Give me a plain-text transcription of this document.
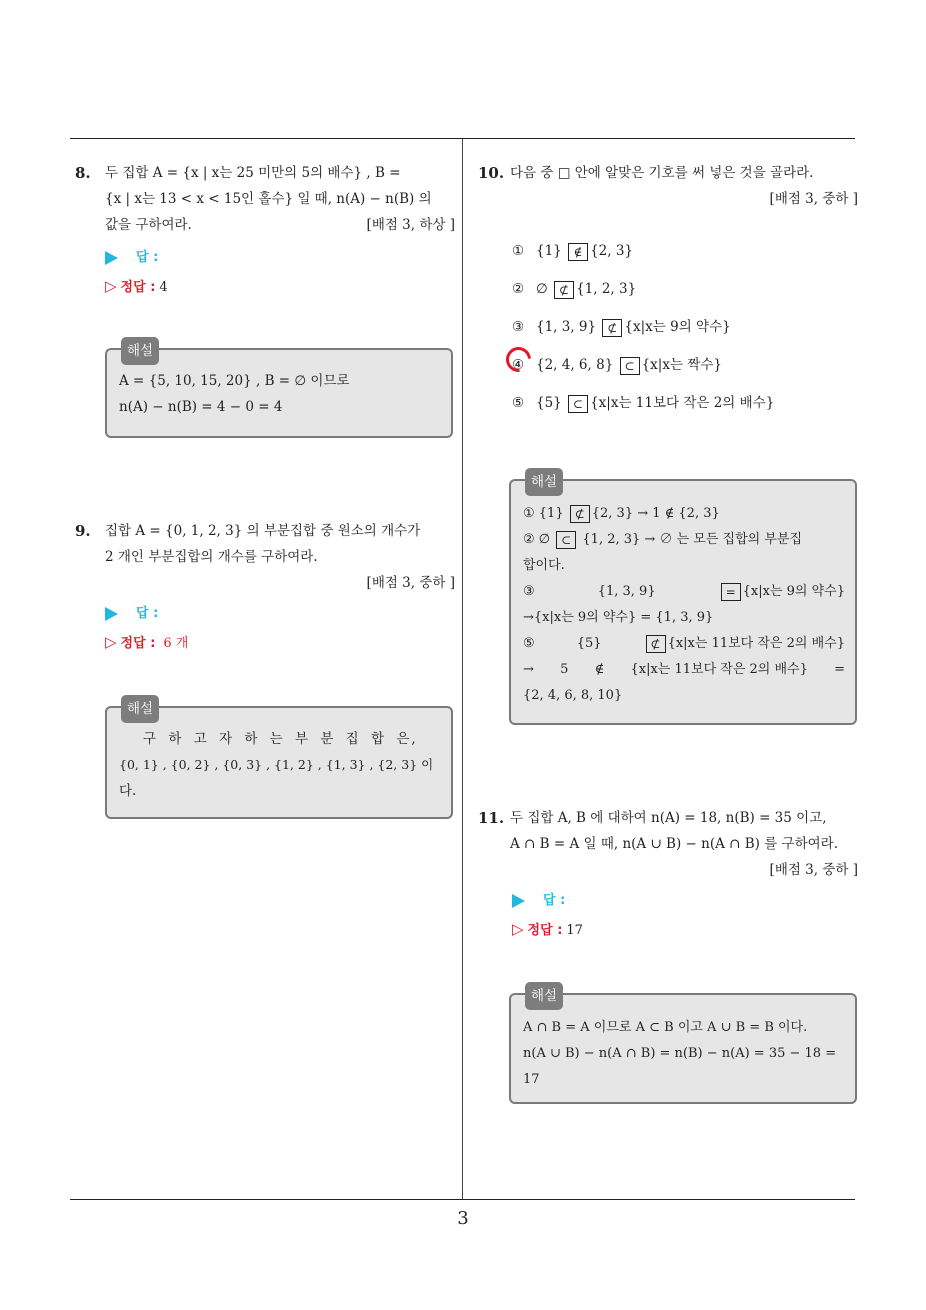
3
8. 두 집합 A = {x | x는 25 미만의 5의 배수} , B =
{x | x는 13 < x < 15인 홀수} 일 때, n(A) − n(B) 의
값을 구하여라.	[배점 3, 하상 ]
답 :
▷ 정답 : 4
9. 집합 A = {0, 1, 2, 3} 의 부분집합 중 원소의 개수가
2 개인 부분집합의 개수를 구하여라.
[배점 3, 중하 ]
답 :
▷ 정답 : 6 개
해설
A = {5, 10, 15, 20} , B = ∅ 이므로
n(A) − n(B) = 4 − 0 = 4
해설
구 하 고 자 하 는 부 분 집 합 은,
{0, 1} , {0, 2} , {0, 3} , {1, 2} , {1, 3} , {2, 3} 이
다.
10. 다음 중 □ 안에 알맞은 기호를 써 넣은 것을 골라라.
[배점 3, 중하 ]
① {1} ∉ {2, 3}
② ∅ ⊄ {1, 2, 3}
③ {1, 3, 9} ⊄ {x|x는 9의 약수}
④ {2, 4, 6, 8} ⊂ {x|x는 짝수}
⑤ {5} ⊂ {x|x는 11보다 작은 2의 배수}
11. 두 집합 A, B 에 대하여 n(A) = 18, n(B) = 35 이고,
A ∩ B = A 일 때, n(A ∪ B) − n(A ∩ B) 를 구하여라.
[배점 3, 중하 ]
답 :
▷ 정답 : 17
해설
① {1} ⊄ {2, 3} → 1 ∉ {2, 3}
② ∅ ⊂ {1, 2, 3} → ∅ 는 모든 집합의 부분집
합이다.
③	{1, 3, 9}	= {x|x는 9의 약수}
→{x|x는 9의 약수} = {1, 3, 9}
⑤	{5}	⊄ {x|x는 11보다 작은 2의 배수}
→ 5 ∉ {x|x는 11보다 작은 2의 배수} =
{2, 4, 6, 8, 10}
해설
A ∩ B = A 이므로 A ⊂ B 이고 A ∪ B = B 이다.
n(A ∪ B) − n(A ∩ B) = n(B) − n(A) = 35 − 18 =
17
